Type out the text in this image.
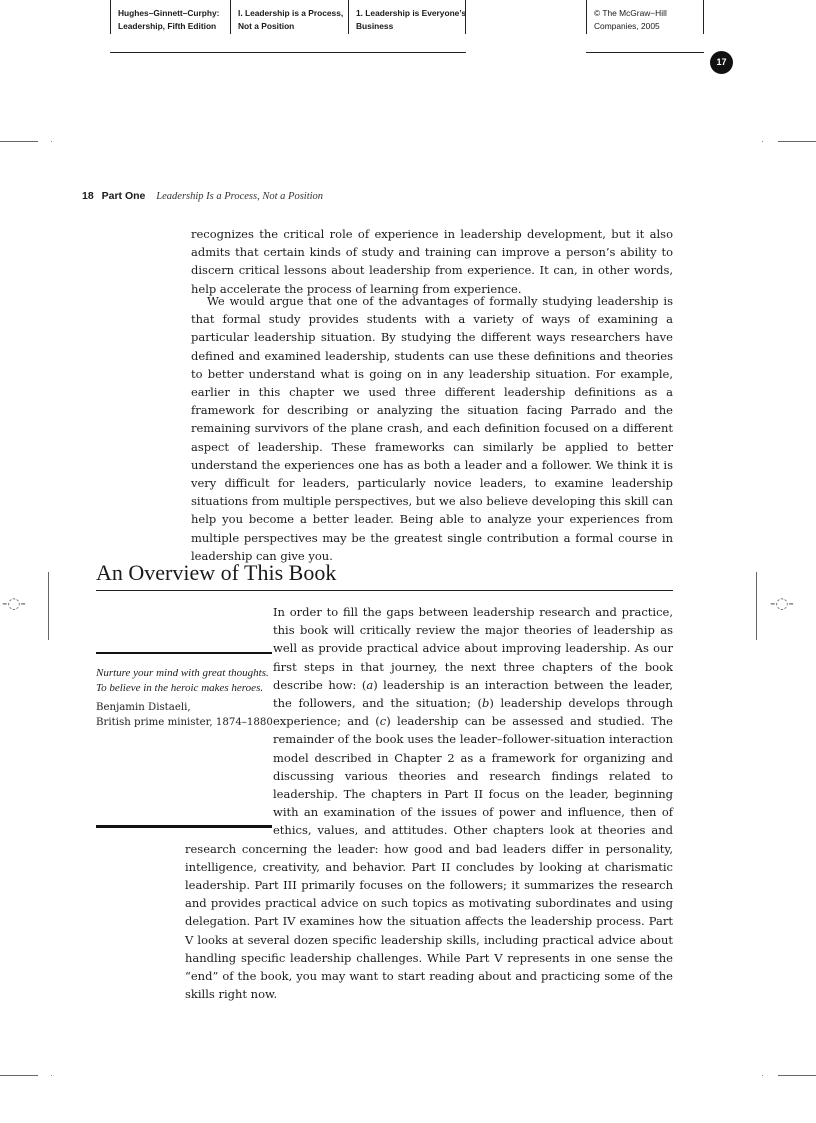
Hughes–Ginnett–Curphy:
Leadership, Fifth Edition
I. Leadership is a Process,
Not a Position
1. Leadership is Everyone’s
Business
© The McGraw−Hill
Companies, 2005
17
-◌-	-◌-
18 Part One Leadership Is a Process, Not a Position

recognizes the critical role of experience in leadership development, but it also admits that certain kinds of study and training can improve a person’s ability to discern critical lessons about leadership from experience. It can, in other words, help accelerate the process of learning from experience.

We would argue that one of the advantages of formally studying leadership is that formal study provides students with a variety of ways of examining a particular leadership situation. By studying the different ways researchers have defined and examined leadership, students can use these definitions and theories to better understand what is going on in any leadership situation. For example, earlier in this chapter we used three different leadership definitions as a framework for describing or analyzing the situation facing Parrado and the remaining survivors of the plane crash, and each definition focused on a different aspect of leadership. These frameworks can similarly be applied to better understand the experiences one has as both a leader and a follower. We think it is very difficult for leaders, particularly novice leaders, to examine leadership situations from multiple perspectives, but we also believe developing this skill can help you become a better leader. Being able to analyze your experiences from multiple perspectives may be the greatest single contribution a formal course in leadership can give you.

An Overview of This Book

In order to fill the gaps between leadership research and practice, this book will critically review the major theories of leadership as well as provide practical advice about improving leadership. As our first steps in that journey, the next three chapters of the book describe how: (a) leadership is an interaction between the leader, the followers, and the situation; (b) leadership develops through experience; and (c) leadership can be assessed and studied. The remainder of the book uses the leader–follower-situation interaction model described in Chapter 2 as a framework for organizing and discussing various theories and research findings related to leadership. The chapters in Part II focus on the leader, beginning with an examination of the issues of power and influence, then of ethics, values, and attitudes. Other chapters look at theories and research concerning the leader: how good and bad leaders differ in personality, intelligence, creativity, and behavior. Part II concludes by looking at charismatic leadership. Part III primarily focuses on the followers; it summarizes the research and provides practical advice on such topics as motivating subordinates and using delegation. Part IV examines how the situation affects the leadership process. Part V looks at several dozen specific leadership skills, including practical advice about handling specific leadership challenges. While Part V represents in one sense the “end” of the book, you may want to start reading about and practicing some of the skills right now.

Nurture your mind with great thoughts. To believe in the heroic makes heroes.

Benjamin Distaeli,

British prime minister, 1874–1880
